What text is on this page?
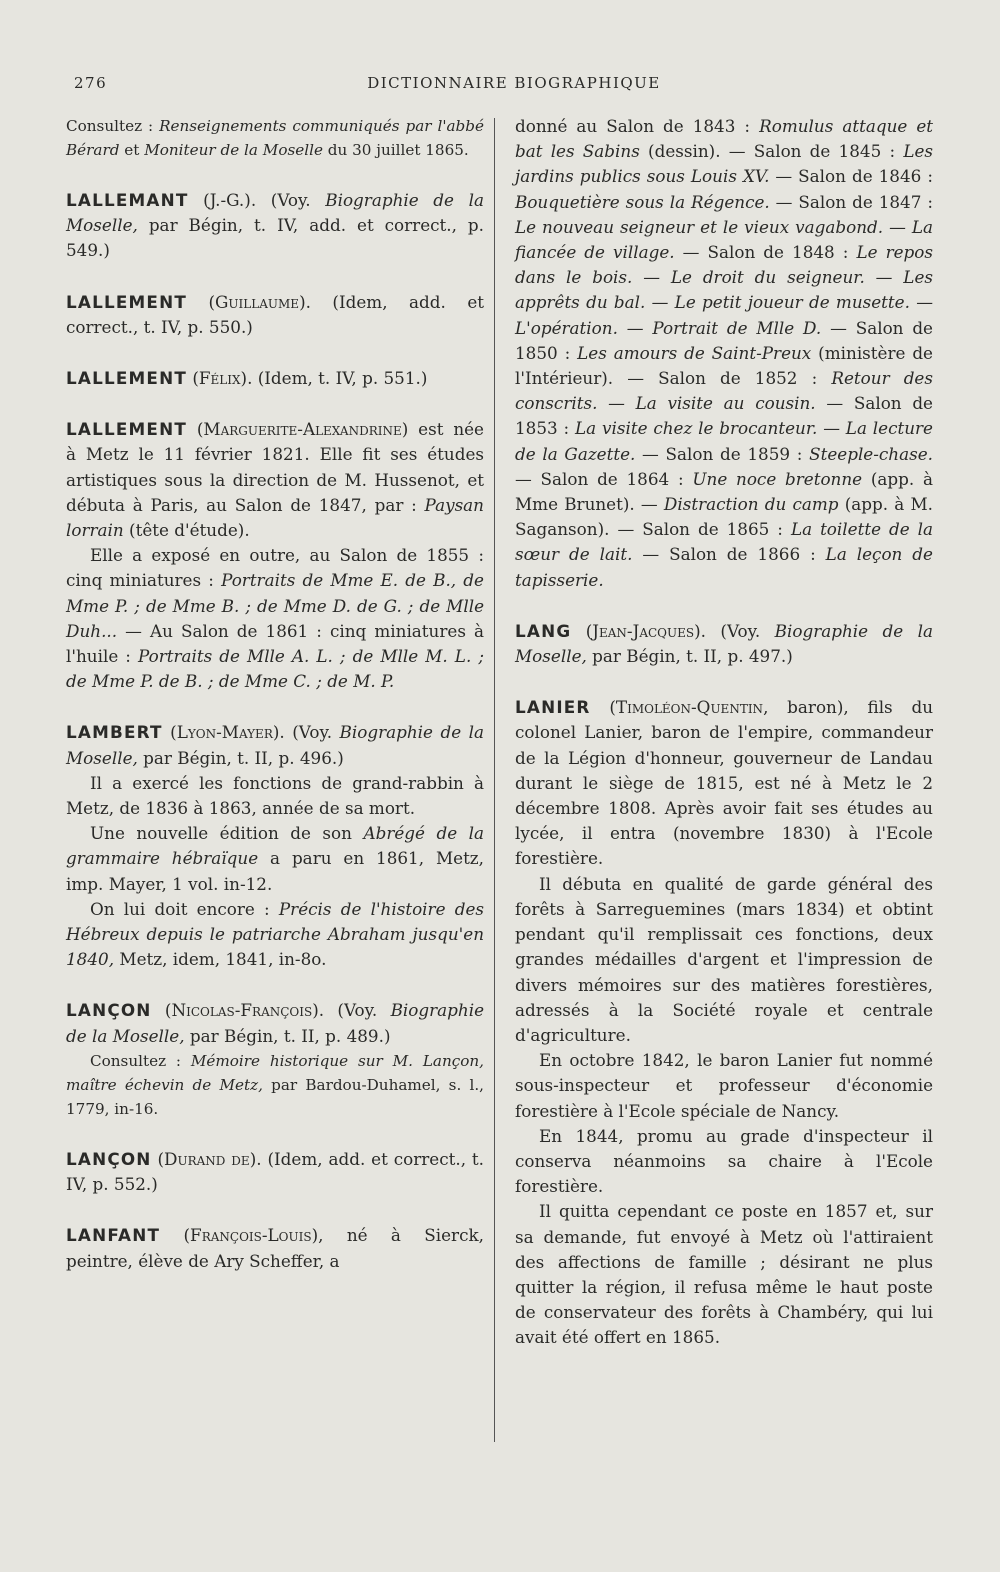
276	DICTIONNAIRE BIOGRAPHIQUE

Consultez : Renseignements communiqués par l'abbé Bérard et Moniteur de la Moselle du 30 juillet 1865.

LALLEMANT (J.-G.). (Voy. Biographie de la Moselle, par Bégin, t. IV, add. et correct., p. 549.)

LALLEMENT (Guillaume). (Idem, add. et correct., t. IV, p. 550.)

LALLEMENT (Félix). (Idem, t. IV, p. 551.)

LALLEMENT (Marguerite-Alexandrine) est née à Metz le 11 février 1821. Elle fit ses études artistiques sous la direction de M. Hussenot, et débuta à Paris, au Salon de 1847, par : Paysan lorrain (tête d'étude).

Elle a exposé en outre, au Salon de 1855 : cinq miniatures : Portraits de Mme E. de B., de Mme P. ; de Mme B. ; de Mme D. de G. ; de Mlle Duh... — Au Salon de 1861 : cinq miniatures à l'huile : Portraits de Mlle A. L. ; de Mlle M. L. ; de Mme P. de B. ; de Mme C. ; de M. P.

LAMBERT (Lyon-Mayer). (Voy. Biographie de la Moselle, par Bégin, t. II, p. 496.)

Il a exercé les fonctions de grand-rabbin à Metz, de 1836 à 1863, année de sa mort.

Une nouvelle édition de son Abrégé de la grammaire hébraïque a paru en 1861, Metz, imp. Mayer, 1 vol. in-12.

On lui doit encore : Précis de l'histoire des Hébreux depuis le patriarche Abraham jusqu'en 1840, Metz, idem, 1841, in-8o.

LANÇON (Nicolas-François). (Voy. Biographie de la Moselle, par Bégin, t. II, p. 489.)

Consultez : Mémoire historique sur M. Lançon, maître échevin de Metz, par Bardou-Duhamel, s. l., 1779, in-16.

LANÇON (Durand de). (Idem, add. et correct., t. IV, p. 552.)

LANFANT (François-Louis), né à Sierck, peintre, élève de Ary Scheffer, a

donné au Salon de 1843 : Romulus attaque et bat les Sabins (dessin). — Salon de 1845 : Les jardins publics sous Louis XV. — Salon de 1846 : Bouquetière sous la Régence. — Salon de 1847 : Le nouveau seigneur et le vieux vagabond. — La fiancée de village. — Salon de 1848 : Le repos dans le bois. — Le droit du seigneur. — Les apprêts du bal. — Le petit joueur de musette. — L'opération. — Portrait de Mlle D. — Salon de 1850 : Les amours de Saint-Preux (ministère de l'Intérieur). — Salon de 1852 : Retour des conscrits. — La visite au cousin. — Salon de 1853 : La visite chez le brocanteur. — La lecture de la Gazette. — Salon de 1859 : Steeple-chase. — Salon de 1864 : Une noce bretonne (app. à Mme Brunet). — Distraction du camp (app. à M. Saganson). — Salon de 1865 : La toilette de la sœur de lait. — Salon de 1866 : La leçon de tapisserie.

LANG (Jean-Jacques). (Voy. Biographie de la Moselle, par Bégin, t. II, p. 497.)

LANIER (Timoléon-Quentin, baron), fils du colonel Lanier, baron de l'empire, commandeur de la Légion d'honneur, gouverneur de Landau durant le siège de 1815, est né à Metz le 2 décembre 1808. Après avoir fait ses études au lycée, il entra (novembre 1830) à l'Ecole forestière.

Il débuta en qualité de garde général des forêts à Sarreguemines (mars 1834) et obtint pendant qu'il remplissait ces fonctions, deux grandes médailles d'argent et l'impression de divers mémoires sur des matières forestières, adressés à la Société royale et centrale d'agriculture.

En octobre 1842, le baron Lanier fut nommé sous-inspecteur et professeur d'économie forestière à l'Ecole spéciale de Nancy.

En 1844, promu au grade d'inspecteur il conserva néanmoins sa chaire à l'Ecole forestière.

Il quitta cependant ce poste en 1857 et, sur sa demande, fut envoyé à Metz où l'attiraient des affections de famille ; désirant ne plus quitter la région, il refusa même le haut poste de conservateur des forêts à Chambéry, qui lui avait été offert en 1865.
